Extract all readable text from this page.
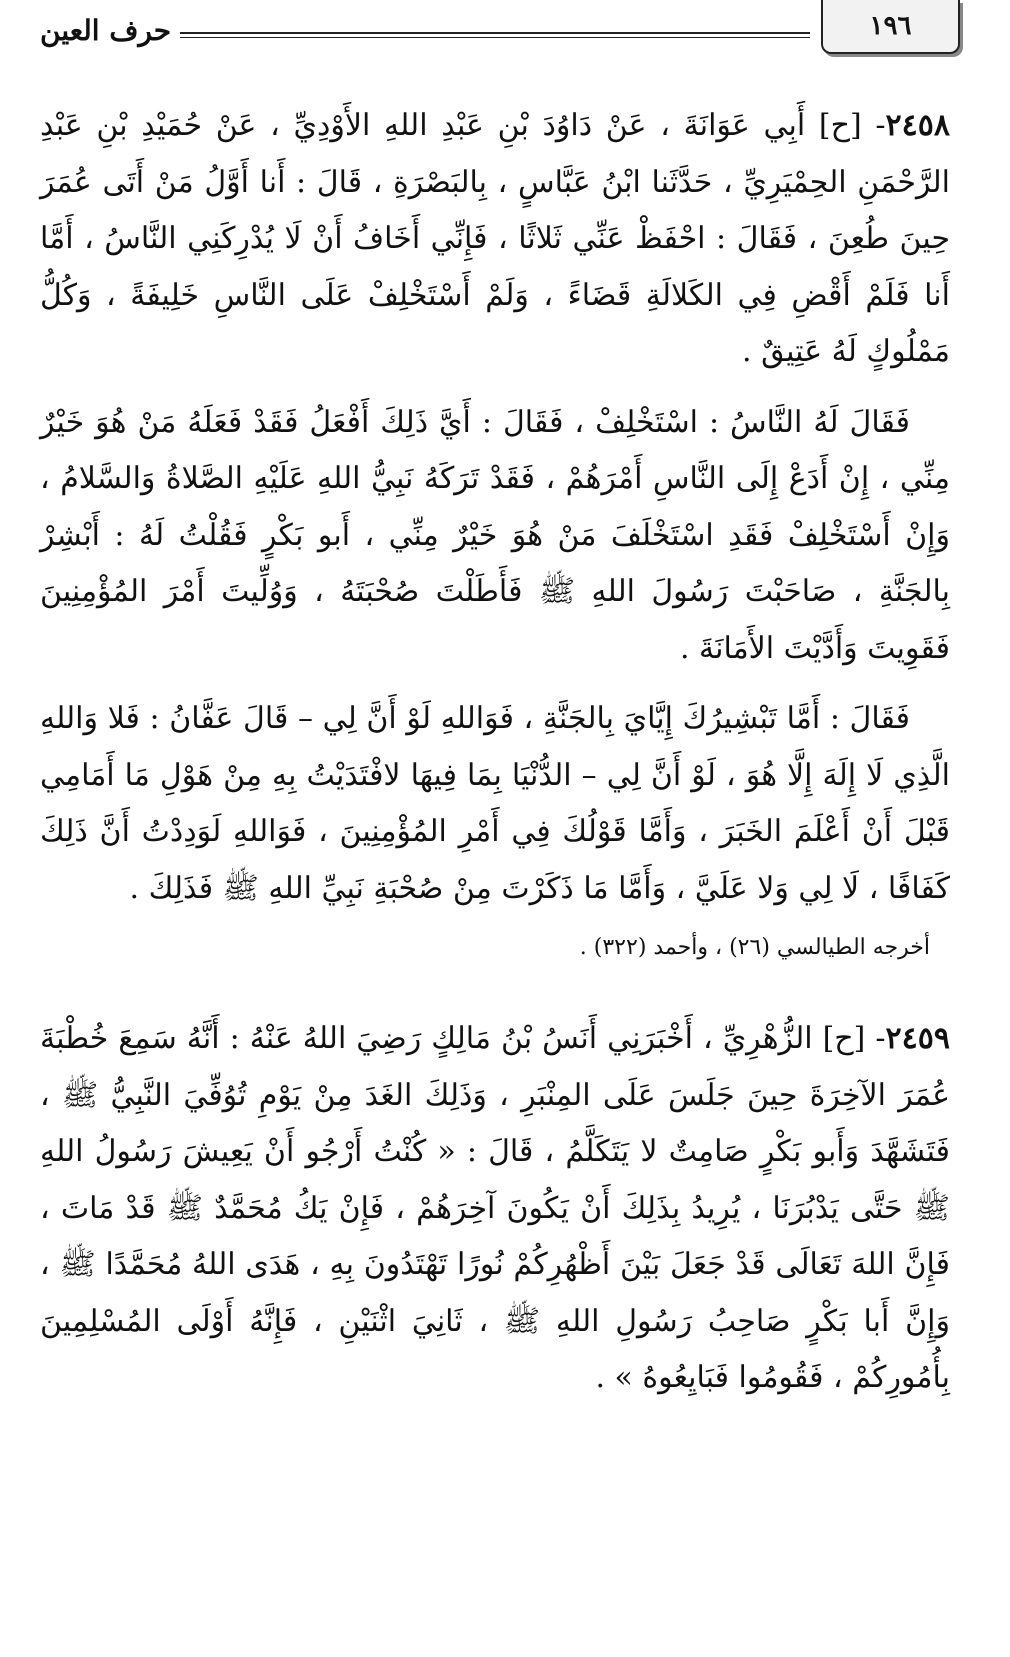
١٩٦
حرف العين

٢٤٥٨- [ح] أَبِي عَوَانَةَ ، عَنْ دَاوُدَ بْنِ عَبْدِ اللهِ الأَوْدِيِّ ، عَنْ حُمَيْدِ بْنِ عَبْدِ الرَّحْمَنِ الحِمْيَرِيِّ ، حَدَّثَنا ابْنُ عَبَّاسٍ ، بِالبَصْرَةِ ، قَالَ : أَنا أَوَّلُ مَنْ أَتَى عُمَرَ حِينَ طُعِنَ ، فَقَالَ : احْفَظْ عَنِّي ثَلاثًا ، فَإِنِّي أَخَافُ أَنْ لَا يُدْرِكَنِي النَّاسُ ، أَمَّا أَنا فَلَمْ أَقْضِ فِي الكَلالَةِ قَضَاءً ، وَلَمْ أَسْتَخْلِفْ عَلَى النَّاسِ خَلِيفَةً ، وَكُلُّ مَمْلُوكٍ لَهُ عَتِيقٌ .

فَقَالَ لَهُ النَّاسُ : اسْتَخْلِفْ ، فَقَالَ : أَيَّ ذَلِكَ أَفْعَلُ فَقَدْ فَعَلَهُ مَنْ هُوَ خَيْرٌ مِنِّي ، إِنْ أَدَعْ إِلَى النَّاسِ أَمْرَهُمْ ، فَقَدْ تَرَكَهُ نَبِيُّ اللهِ عَلَيْهِ الصَّلاةُ وَالسَّلامُ ، وَإِنْ أَسْتَخْلِفْ فَقَدِ اسْتَخْلَفَ مَنْ هُوَ خَيْرٌ مِنِّي ، أَبو بَكْرٍ فَقُلْتُ لَهُ : أَبْشِرْ بِالجَنَّةِ ، صَاحَبْتَ رَسُولَ اللهِ ﷺ فَأَطَلْتَ صُحْبَتَهُ ، وَوُلِّيتَ أَمْرَ المُؤْمِنِينَ فَقَوِيتَ وَأَدَّيْتَ الأَمَانَةَ .

فَقَالَ : أَمَّا تَبْشِيرُكَ إِيَّايَ بِالجَنَّةِ ، فَوَاللهِ لَوْ أَنَّ لِي – قَالَ عَفَّانُ : فَلا وَاللهِ الَّذِي لَا إِلَهَ إِلَّا هُوَ ، لَوْ أَنَّ لِي – الدُّنْيَا بِمَا فِيهَا لافْتَدَيْتُ بِهِ مِنْ هَوْلِ مَا أَمَامِي قَبْلَ أَنْ أَعْلَمَ الخَبَرَ ، وَأَمَّا قَوْلُكَ فِي أَمْرِ المُؤْمِنِينَ ، فَوَاللهِ لَوَدِدْتُ أَنَّ ذَلِكَ كَفَافًا ، لَا لِي وَلا عَلَيَّ ، وَأَمَّا مَا ذَكَرْتَ مِنْ صُحْبَةِ نَبِيِّ اللهِ ﷺ فَذَلِكَ .

أخرجه الطيالسي (٢٦) ، وأحمد (٣٢٢) .

٢٤٥٩- [ح] الزُّهْرِيِّ ، أَخْبَرَنِي أَنَسُ بْنُ مَالِكٍ رَضِيَ اللهُ عَنْهُ : أَنَّهُ سَمِعَ خُطْبَةَ عُمَرَ الآخِرَةَ حِينَ جَلَسَ عَلَى المِنْبَرِ ، وَذَلِكَ الغَدَ مِنْ يَوْمِ تُوُفِّيَ النَّبِيُّ ﷺ ، فَتَشَهَّدَ وَأَبو بَكْرٍ صَامِتٌ لا يَتَكَلَّمُ ، قَالَ : « كُنْتُ أَرْجُو أَنْ يَعِيشَ رَسُولُ اللهِ ﷺ حَتَّى يَدْبُرَنَا ، يُرِيدُ بِذَلِكَ أَنْ يَكُونَ آخِرَهُمْ ، فَإِنْ يَكُ مُحَمَّدٌ ﷺ قَدْ مَاتَ ، فَإِنَّ اللهَ تَعَالَى قَدْ جَعَلَ بَيْنَ أَظْهُرِكُمْ نُورًا تَهْتَدُونَ بِهِ ، هَدَى اللهُ مُحَمَّدًا ﷺ ، وَإِنَّ أَبا بَكْرٍ صَاحِبُ رَسُولِ اللهِ ﷺ ، ثَانِيَ اثْنَيْنِ ، فَإِنَّهُ أَوْلَى المُسْلِمِينَ بِأُمُورِكُمْ ، فَقُومُوا فَبَايِعُوهُ » .
